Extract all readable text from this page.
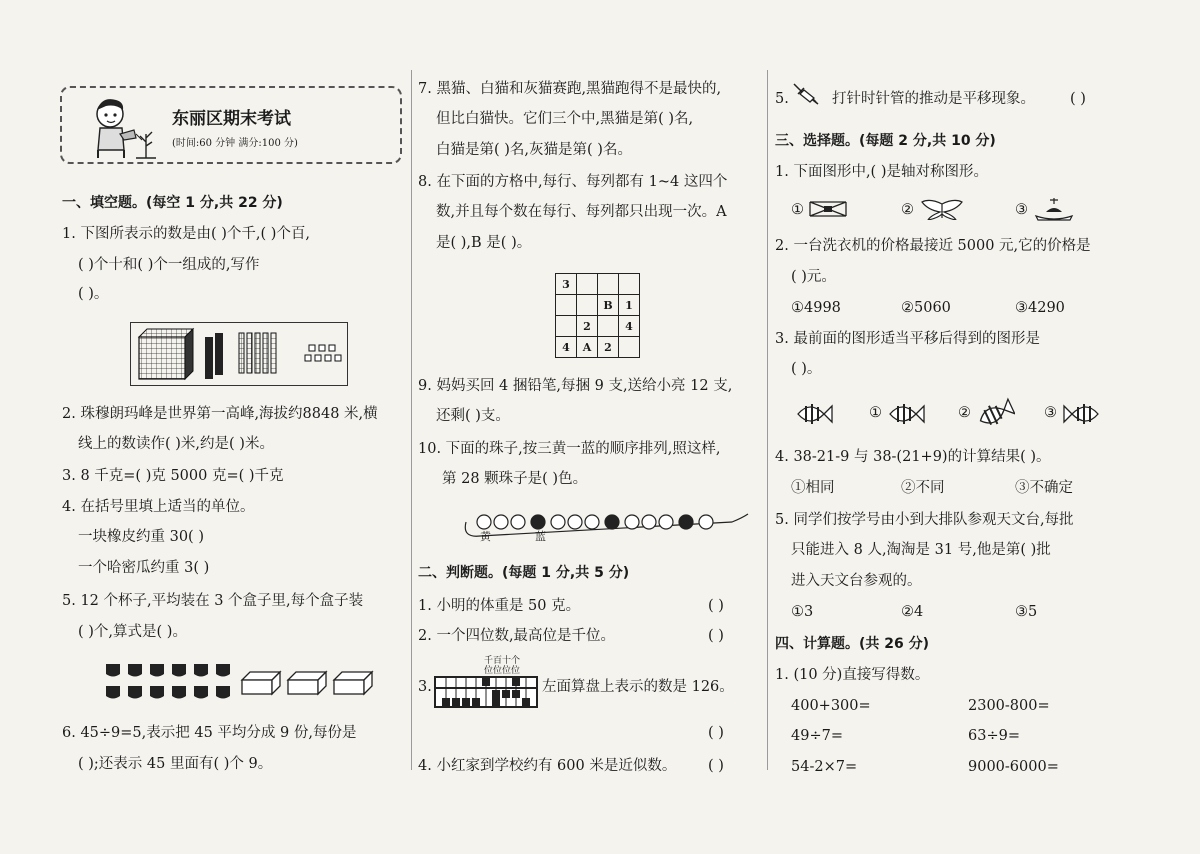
东丽区期末考试
(时间:60 分钟 满分:100 分)
一、填空题。(每空 1 分,共 22 分)
1. 下图所表示的数是由( )个千,( )个百,
( )个十和( )个一组成的,写作
( )。
2. 珠穆朗玛峰是世界第一高峰,海拔约8848 米,横
线上的数读作( )米,约是( )米。
3. 8 千克=( )克 5000 克=( )千克
4. 在括号里填上适当的单位。
一块橡皮约重 30( )
一个哈密瓜约重 3( )
5. 12 个杯子,平均装在 3 个盒子里,每个盒子装
( )个,算式是( )。
6. 45÷9=5,表示把 45 平均分成 9 份,每份是
( );还表示 45 里面有( )个 9。
7. 黑猫、白猫和灰猫赛跑,黑猫跑得不是最快的,
但比白猫快。它们三个中,黑猫是第( )名,
白猫是第( )名,灰猫是第( )名。
8. 在下面的方格中,每行、每列都有 1~4 这四个
数,并且每个数在每行、每列都只出现一次。A
是( ),B 是( )。
3			
		B	1
	2		4
4	A	2	
9. 妈妈买回 4 捆铅笔,每捆 9 支,送给小亮 12 支,
还剩( )支。
10. 下面的珠子,按三黄一蓝的顺序排列,照这样,
第 28 颗珠子是( )色。
黄	蓝
二、判断题。(每题 1 分,共 5 分)
1. 小明的体重是 50 克。	( )
2. 一个四位数,最高位是千位。	( )
3.
千百十个
位位位位
左面算盘上表示的数是 126。
( )
4. 小红家到学校约有 600 米是近似数。 ( )
5.	打针时针管的推动是平移现象。 ( )
三、选择题。(每题 2 分,共 10 分)
1. 下面图形中,( )是轴对称图形。
①	②	③
2. 一台洗衣机的价格最接近 5000 元,它的价格是
( )元。
①4998	②5060	③4290
3. 最前面的图形适当平移后得到的图形是
( )。
①	②	③
4. 38-21-9 与 38-(21+9)的计算结果( )。
①相同	②不同	③不确定
5. 同学们按学号由小到大排队参观天文台,每批
只能进入 8 人,淘淘是 31 号,他是第( )批
进入天文台参观的。
①3	②4	③5
四、计算题。(共 26 分)
1. (10 分)直接写得数。
400+300=	2300-800=
49÷7=	63÷9=
54-2×7=	9000-6000=
